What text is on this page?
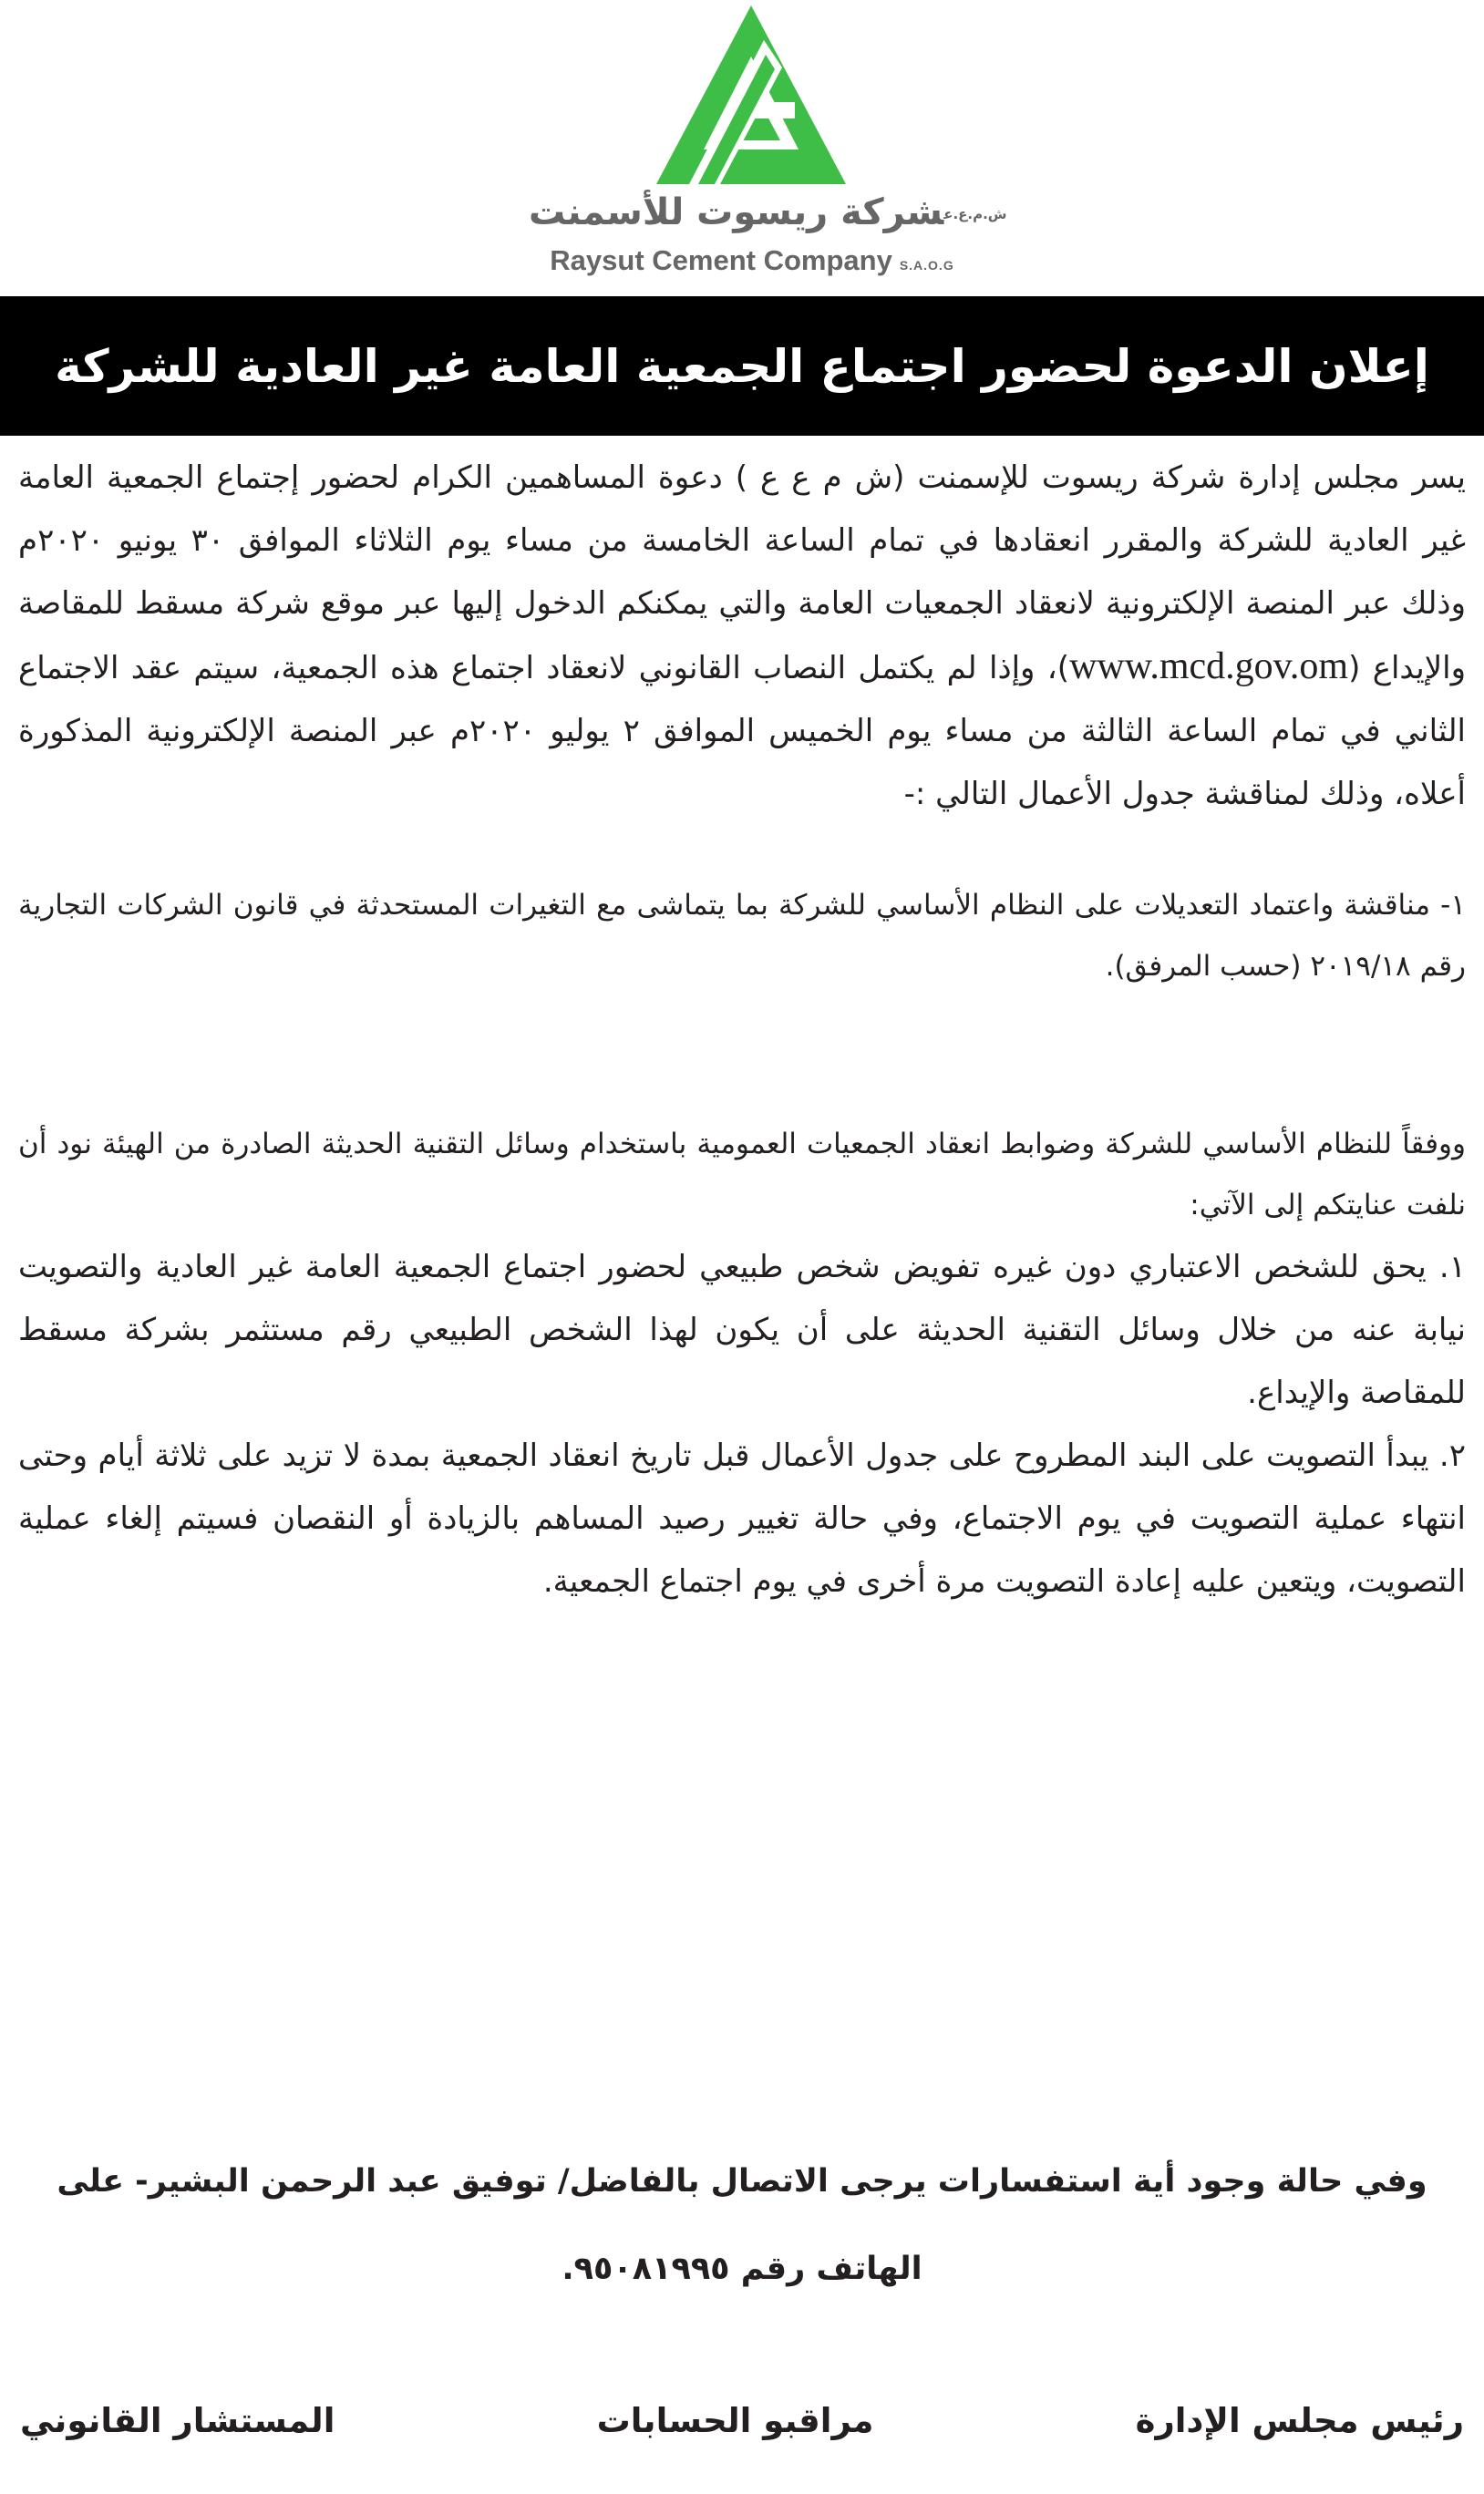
ش.م.ع.عشركة ريسوت للأسمنت
Raysut Cement Company S.A.O.G
إعلان الدعوة لحضور اجتماع الجمعية العامة غير العادية للشركة

يسر مجلس إدارة شركة ريسوت للإسمنت (ش م ع ع ) دعوة المساهمين الكرام لحضور إجتماع الجمعية العامة غير العادية للشركة والمقرر انعقادها في تمام الساعة الخامسة من مساء يوم الثلاثاء الموافق ٣٠ يونيو ٢٠٢٠م وذلك عبر المنصة الإلكترونية لانعقاد الجمعيات العامة والتي يمكنكم الدخول إليها عبر موقع شركة مسقط للمقاصة والإيداع (www.mcd.gov.om)، وإذا لم يكتمل النصاب القانوني لانعقاد اجتماع هذه الجمعية، سيتم عقد الاجتماع الثاني في تمام الساعة الثالثة من مساء يوم الخميس الموافق ٢ يوليو ٢٠٢٠م عبر المنصة الإلكترونية المذكورة أعلاه، وذلك لمناقشة جدول الأعمال التالي :-

١- مناقشة واعتماد التعديلات على النظام الأساسي للشركة بما يتماشى مع التغيرات المستحدثة في قانون الشركات التجارية رقم ٢٠١٩/١٨ (حسب المرفق).

ووفقاً للنظام الأساسي للشركة وضوابط انعقاد الجمعيات العمومية باستخدام وسائل التقنية الحديثة الصادرة من الهيئة نود أن نلفت عنايتكم إلى الآتي:

١. يحق للشخص الاعتباري دون غيره تفويض شخص طبيعي لحضور اجتماع الجمعية العامة غير العادية والتصويت نيابة عنه من خلال وسائل التقنية الحديثة على أن يكون لهذا الشخص الطبيعي رقم مستثمر بشركة مسقط للمقاصة والإيداع.

٢. يبدأ التصويت على البند المطروح على جدول الأعمال قبل تاريخ انعقاد الجمعية بمدة لا تزيد على ثلاثة أيام وحتى انتهاء عملية التصويت في يوم الاجتماع، وفي حالة تغيير رصيد المساهم بالزيادة أو النقصان فسيتم إلغاء عملية التصويت، ويتعين عليه إعادة التصويت مرة أخرى في يوم اجتماع الجمعية.

وفي حالة وجود أية استفسارات يرجى الاتصال بالفاضل/ توفيق عبد الرحمن البشير- على الهاتف رقم ٩٥٠٨١٩٩٥.
رئيس مجلس الإدارة
مراقبو الحسابات
المستشار القانوني
